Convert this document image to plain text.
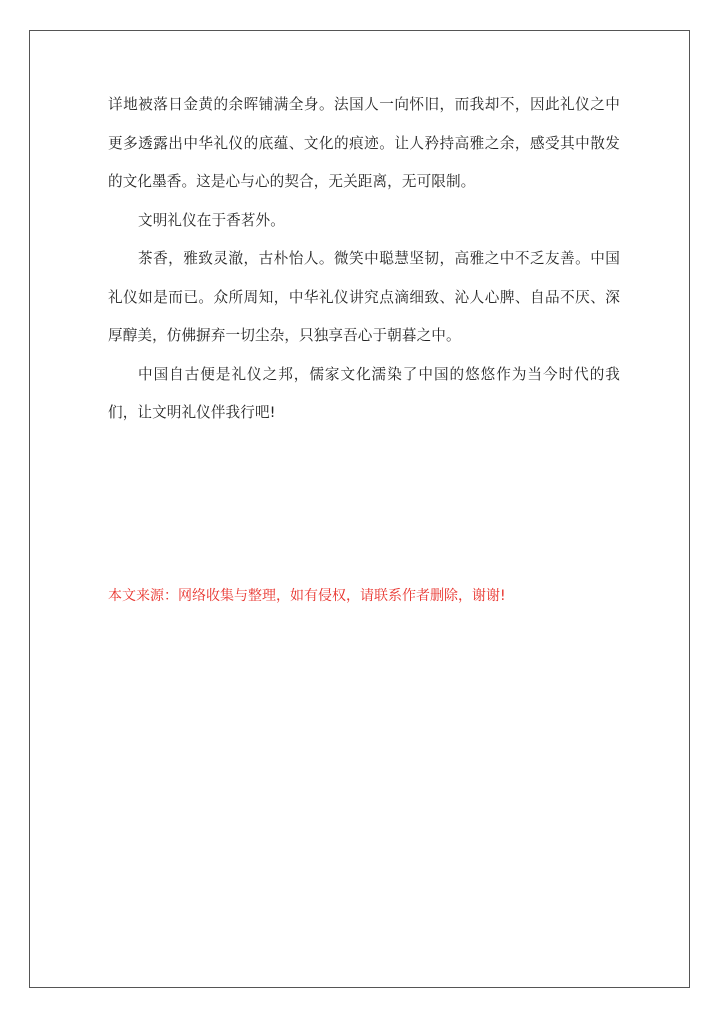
详地被落日金黄的余晖铺满全身。法国人一向怀旧，而我却不，因此礼仪之中更多透露出中华礼仪的底蕴、文化的痕迹。让人矜持高雅之余，感受其中散发的文化墨香。这是心与心的契合，无关距离，无可限制。

文明礼仪在于香茗外。

茶香，雅致灵澈，古朴怡人。微笑中聪慧坚韧，高雅之中不乏友善。中国礼仪如是而已。众所周知，中华礼仪讲究点滴细致、沁人心脾、自品不厌、深厚醇美，仿佛摒弃一切尘杂，只独享吾心于朝暮之中。

中国自古便是礼仪之邦，儒家文化濡染了中国的悠悠作为当今时代的我们，让文明礼仪伴我行吧!

本文来源：网络收集与整理，如有侵权，请联系作者删除，谢谢!
